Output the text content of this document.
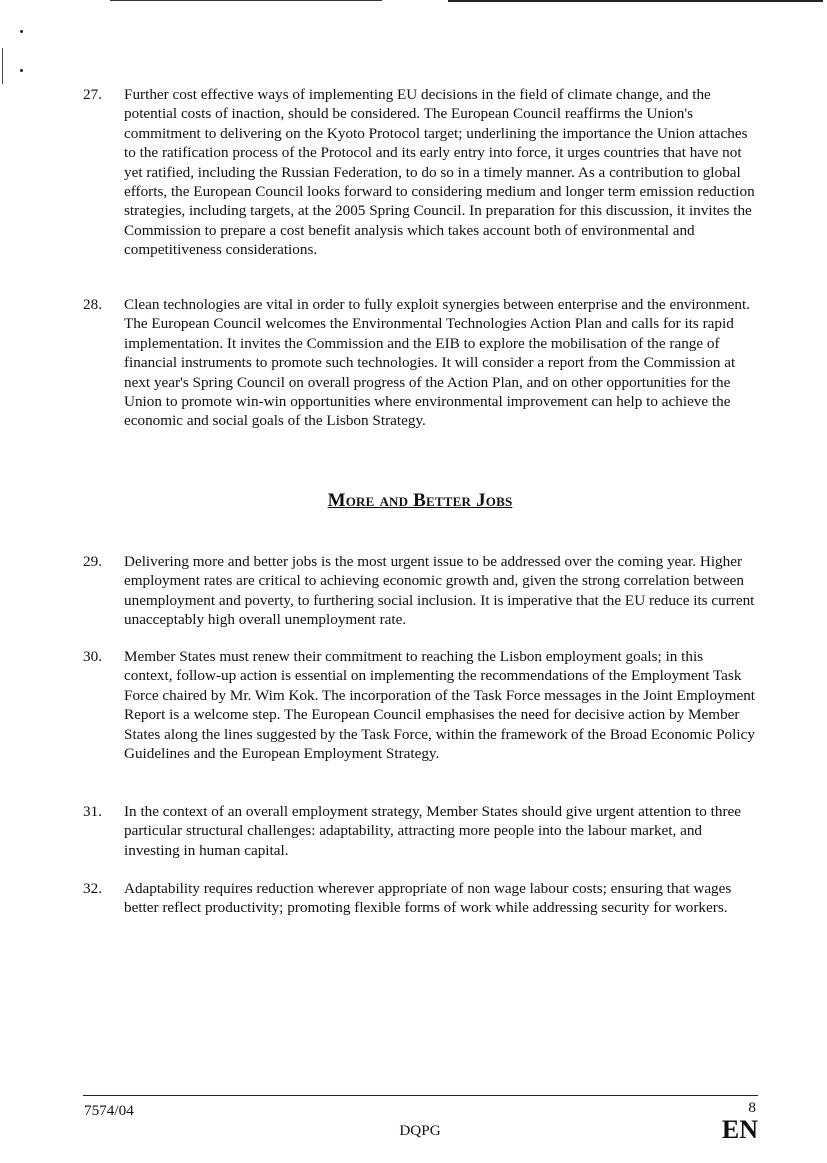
27.	Further cost effective ways of implementing EU decisions in the field of climate change, and the potential costs of inaction, should be considered. The European Council reaffirms the Union's commitment to delivering on the Kyoto Protocol target; underlining the importance the Union attaches to the ratification process of the Protocol and its early entry into force, it urges countries that have not yet ratified, including the Russian Federation, to do so in a timely manner. As a contribution to global efforts, the European Council looks forward to considering medium and longer term emission reduction strategies, including targets, at the 2005 Spring Council. In preparation for this discussion, it invites the Commission to prepare a cost benefit analysis which takes account both of environmental and competitiveness considerations.
28.	Clean technologies are vital in order to fully exploit synergies between enterprise and the environment. The European Council welcomes the Environmental Technologies Action Plan and calls for its rapid implementation. It invites the Commission and the EIB to explore the mobilisation of the range of financial instruments to promote such technologies. It will consider a report from the Commission at next year's Spring Council on overall progress of the Action Plan, and on other opportunities for the Union to promote win-win opportunities where environmental improvement can help to achieve the economic and social goals of the Lisbon Strategy.
More and Better Jobs
29.	Delivering more and better jobs is the most urgent issue to be addressed over the coming year. Higher employment rates are critical to achieving economic growth and, given the strong correlation between unemployment and poverty, to furthering social inclusion. It is imperative that the EU reduce its current unacceptably high overall unemployment rate.
30.	Member States must renew their commitment to reaching the Lisbon employment goals; in this context, follow-up action is essential on implementing the recommendations of the Employment Task Force chaired by Mr. Wim Kok. The incorporation of the Task Force messages in the Joint Employment Report is a welcome step. The European Council emphasises the need for decisive action by Member States along the lines suggested by the Task Force, within the framework of the Broad Economic Policy Guidelines and the European Employment Strategy.
31.	In the context of an overall employment strategy, Member States should give urgent attention to three particular structural challenges: adaptability, attracting more people into the labour market, and investing in human capital.
32.	Adaptability requires reduction wherever appropriate of non wage labour costs; ensuring that wages better reflect productivity; promoting flexible forms of work while addressing security for workers.
7574/04	8
DQPG	EN
